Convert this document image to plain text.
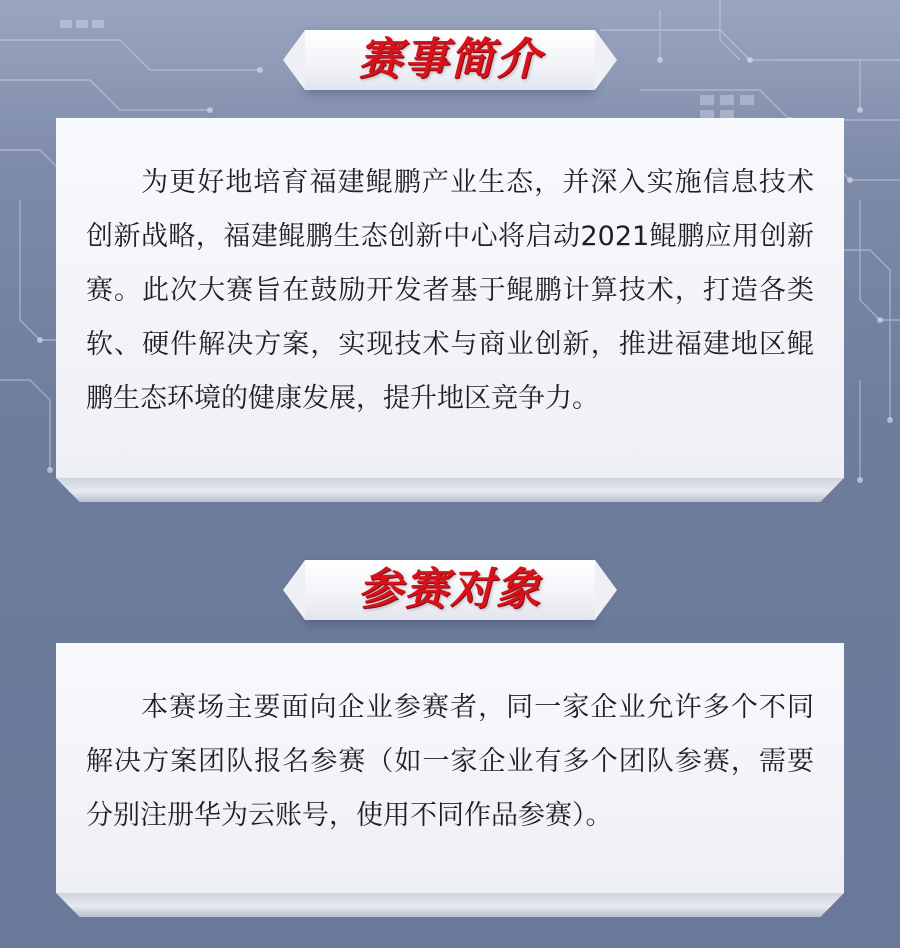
赛事简介

为更好地培育福建鲲鹏产业生态，并深入实施信息技术创新战略，福建鲲鹏生态创新中心将启动2021鲲鹏应用创新赛。此次大赛旨在鼓励开发者基于鲲鹏计算技术，打造各类软、硬件解决方案，实现技术与商业创新，推进福建地区鲲鹏生态环境的健康发展，提升地区竞争力。

参赛对象

本赛场主要面向企业参赛者，同一家企业允许多个不同解决方案团队报名参赛（如一家企业有多个团队参赛，需要分别注册华为云账号，使用不同作品参赛）。
